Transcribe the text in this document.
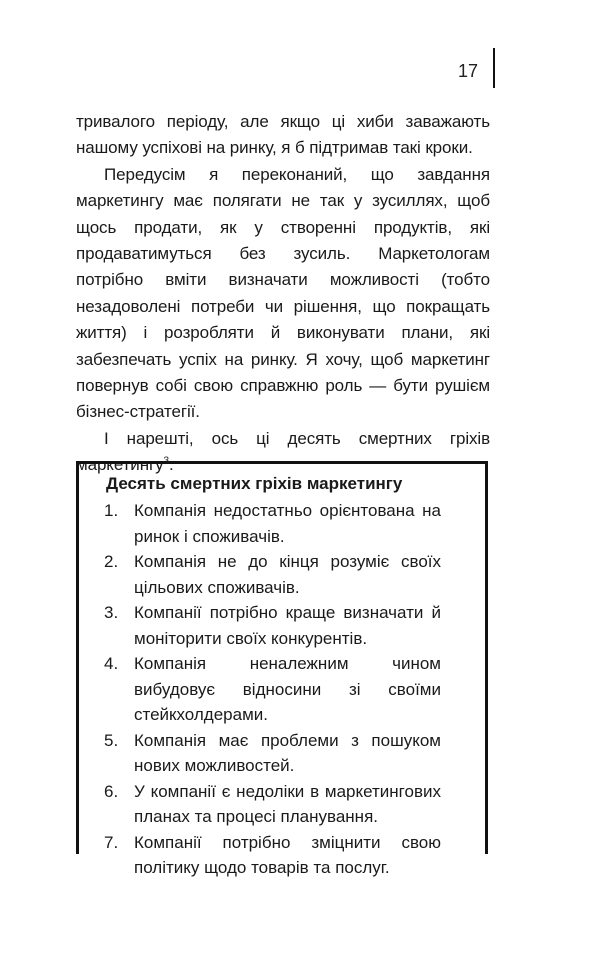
17

тривалого періоду, але якщо ці хиби заважають нашому успіхові на ринку, я б підтримав такі кроки.

Передусім я переконаний, що завдання маркетингу має полягати не так у зусиллях, щоб щось продати, як у створенні продуктів, які продаватимуться без зусиль. Маркетологам потрібно вміти визначати можливості (тобто незадоволені потреби чи рішення, що покращать життя) і розробляти й виконувати плани, які забезпечать успіх на ринку. Я хочу, щоб маркетинг повернув собі свою справжню роль — бути рушієм бізнес-стратегії.

І нарешті, ось ці десять смертних гріхів маркетингу$^3$.

Десять смертних гріхів маркетингу
1. Компанія недостатньо орієнтована на ринок і споживачів.
2. Компанія не до кінця розуміє своїх цільових споживачів.
3. Компанії потрібно краще визначати й моніторити своїх конкурентів.
4. Компанія неналежним чином вибудовує відносини зі своїми стейкхолдерами.
5. Компанія має проблеми з пошуком нових можливостей.
6. У компанії є недоліки в маркетингових планах та процесі планування.
7. Компанії потрібно зміцнити свою політику щодо товарів та послуг.
